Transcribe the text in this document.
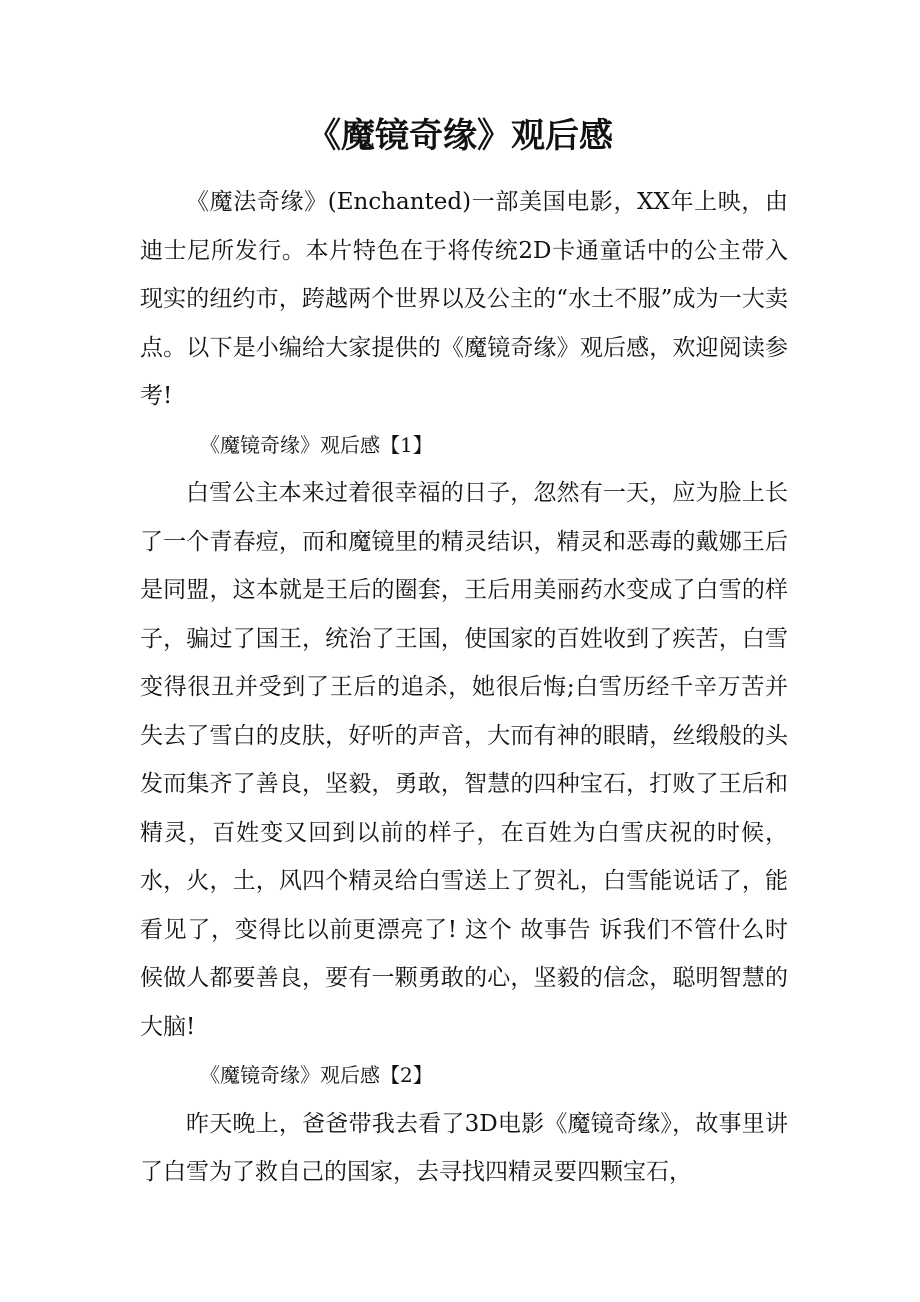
《魔镜奇缘》观后感

《魔法奇缘》(Enchanted)一部美国电影，XX年上映，由迪士尼所发行。本片特色在于将传统2D卡通童话中的公主带入现实的纽约市，跨越两个世界以及公主的“水土不服”成为一大卖点。以下是小编给大家提供的《魔镜奇缘》观后感，欢迎阅读参考!

《魔镜奇缘》观后感【1】

白雪公主本来过着很幸福的日子，忽然有一天，应为脸上长了一个青春痘，而和魔镜里的精灵结识，精灵和恶毒的戴娜王后是同盟，这本就是王后的圈套，王后用美丽药水变成了白雪的样子，骗过了国王，统治了王国，使国家的百姓收到了疾苦，白雪变得很丑并受到了王后的追杀，她很后悔;白雪历经千辛万苦并失去了雪白的皮肤，好听的声音，大而有神的眼睛，丝缎般的头发而集齐了善良，坚毅，勇敢，智慧的四种宝石，打败了王后和精灵，百姓变又回到以前的样子，在百姓为白雪庆祝的时候，水，火，土，风四个精灵给白雪送上了贺礼，白雪能说话了，能看见了，变得比以前更漂亮了! 这个 故事告 诉我们不管什么时候做人都要善良，要有一颗勇敢的心，坚毅的信念，聪明智慧的大脑!

《魔镜奇缘》观后感【2】

昨天晚上，爸爸带我去看了3D电影《魔镜奇缘》，故事里讲了白雪为了救自己的国家，去寻找四精灵要四颗宝石，
